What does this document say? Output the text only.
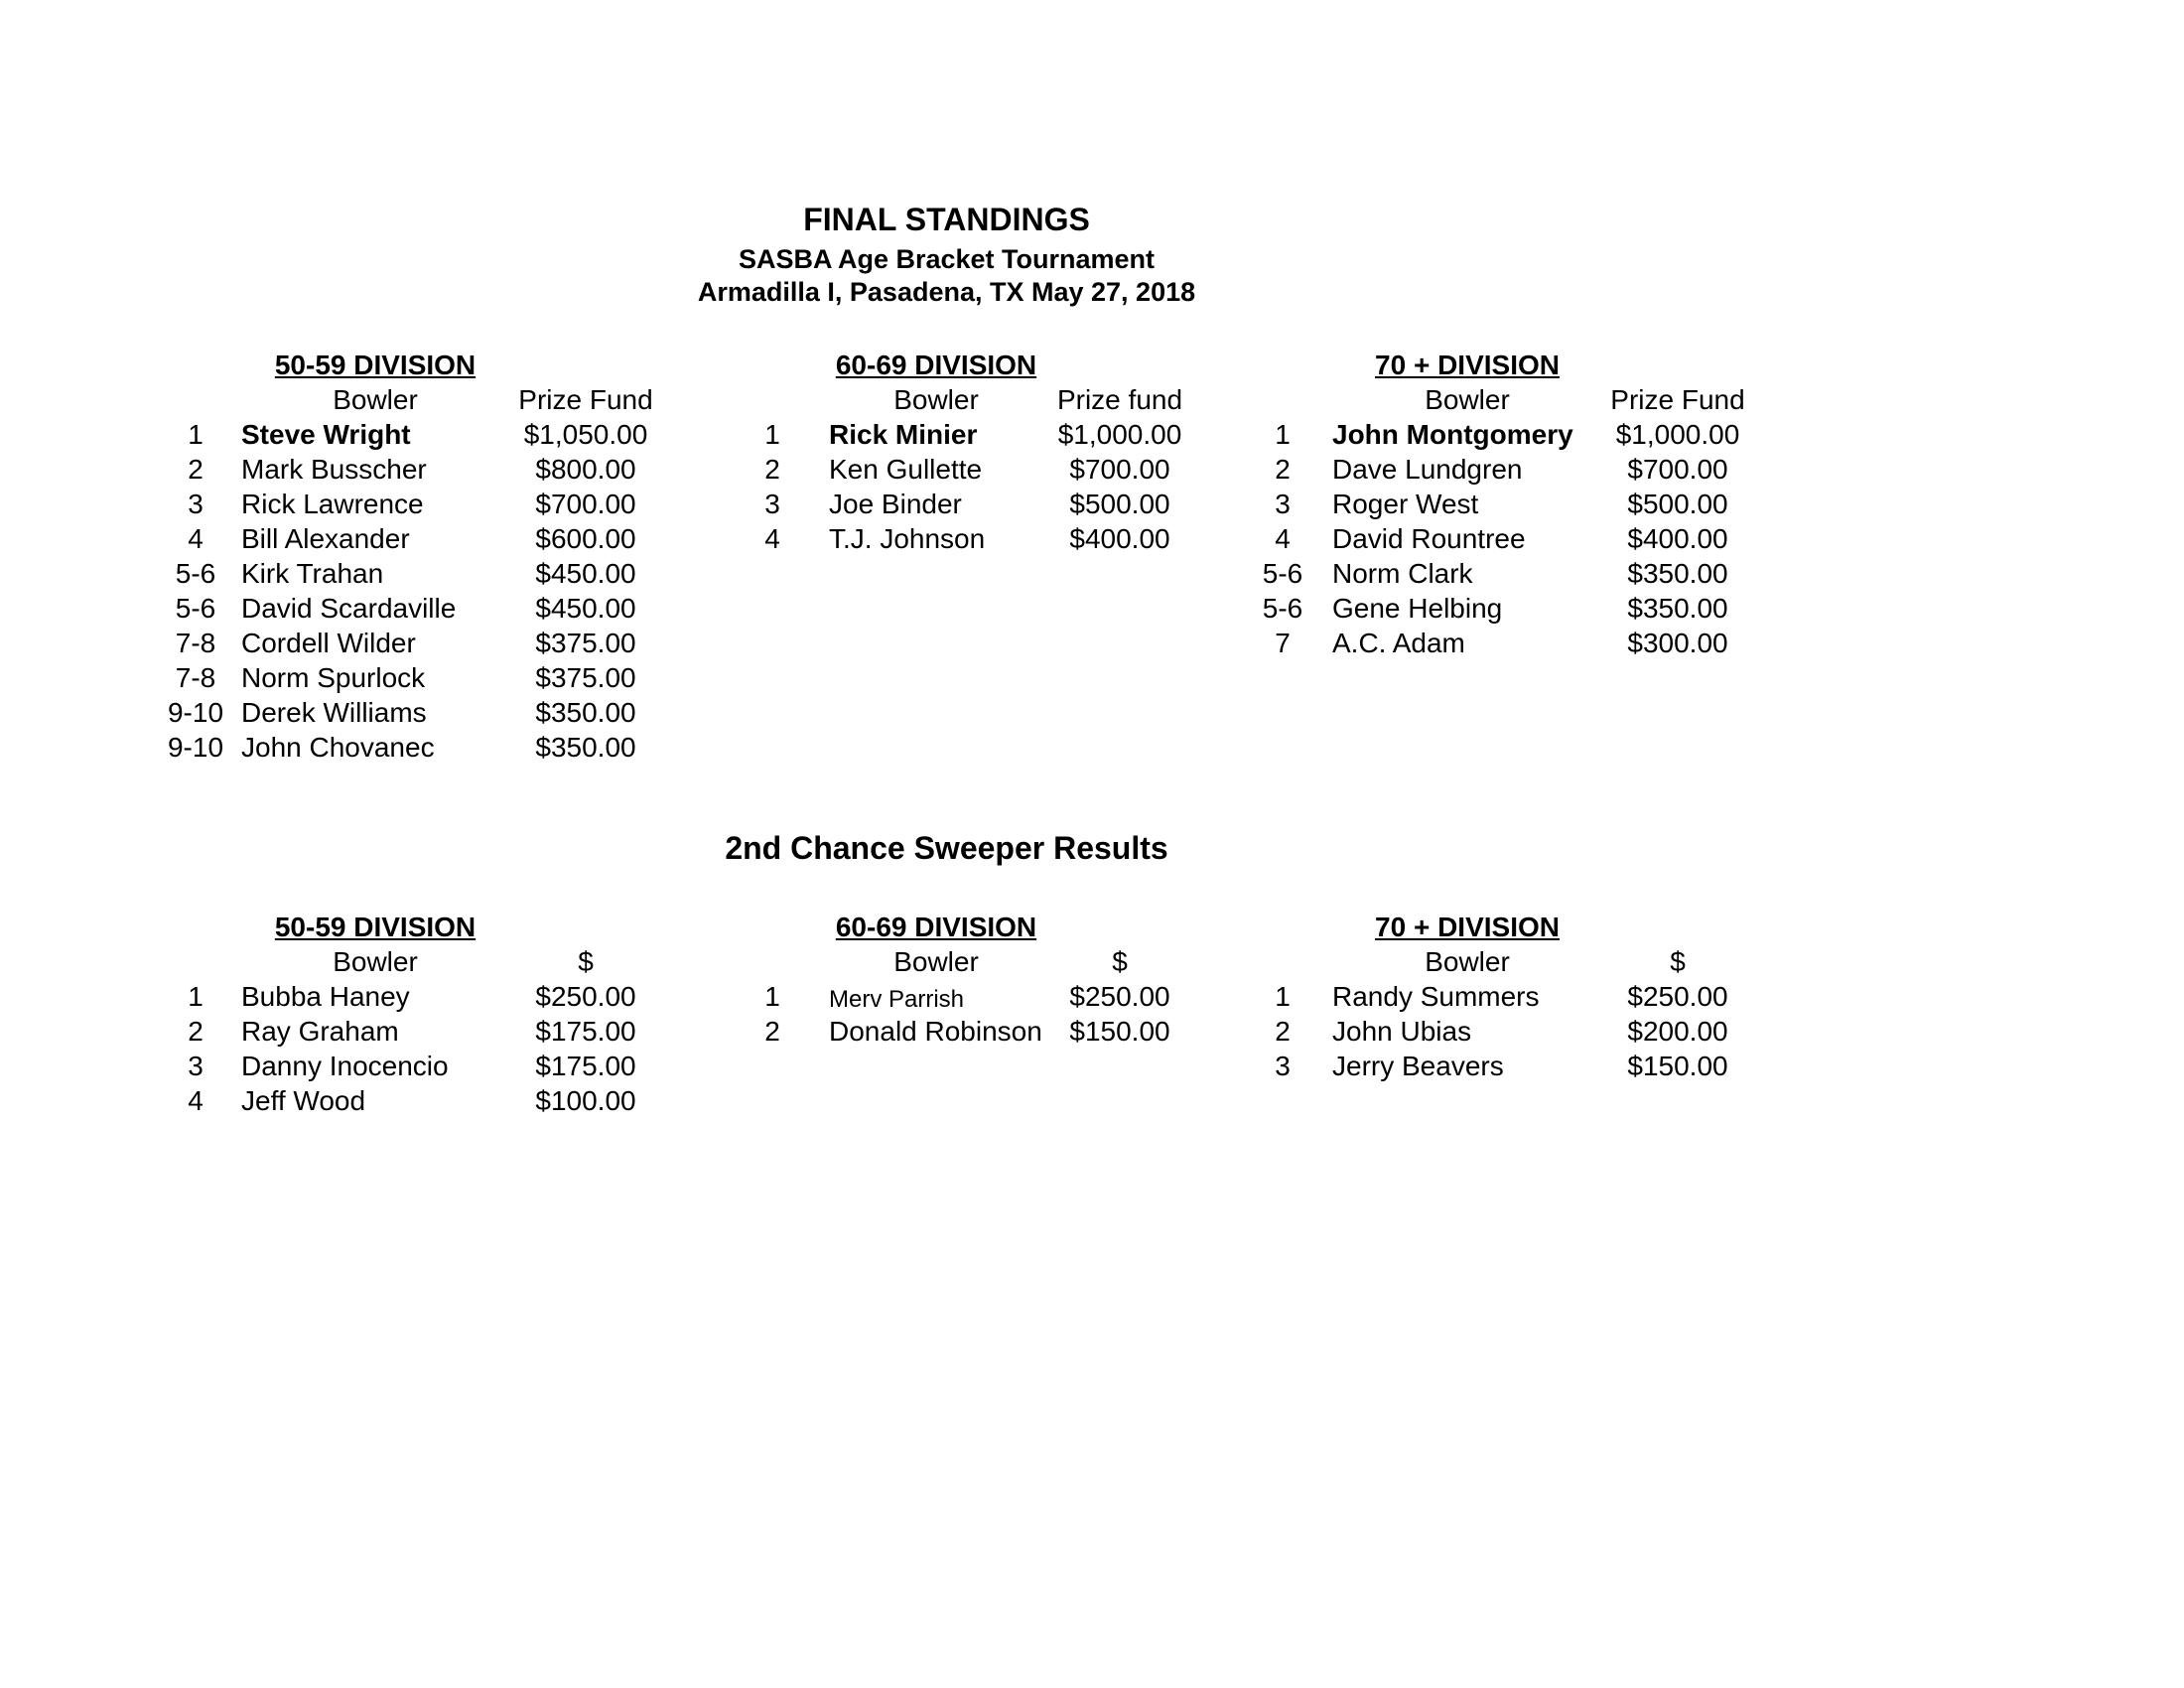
FINAL STANDINGS
SASBA Age Bracket Tournament
Armadilla I, Pasadena, TX May 27, 2018
50-59 DIVISION
Bowler	Prize Fund
1 Steve Wright	$1,050.00
2 Mark Busscher	$800.00
3 Rick Lawrence	$700.00
4 Bill Alexander	$600.00
5-6 Kirk Trahan	$450.00
5-6 David Scardaville	$450.00
7-8 Cordell Wilder	$375.00
7-8 Norm Spurlock	$375.00
9-10 Derek Williams	$350.00
9-10 John Chovanec	$350.00
60-69 DIVISION
Bowler	Prize fund
1 Rick Minier	$1,000.00
2 Ken Gullette	$700.00
3 Joe Binder	$500.00
4 T.J. Johnson	$400.00
70 + DIVISION
Bowler	Prize Fund
1 John Montgomery $1,000.00
2 Dave Lundgren	$700.00
3 Roger West	$500.00
4 David Rountree	$400.00
5-6 Norm Clark	$350.00
5-6 Gene Helbing	$350.00
7 A.C. Adam	$300.00
2nd Chance Sweeper Results
50-59 DIVISION
Bowler	$
1 Bubba Haney	$250.00
2 Ray Graham	$175.00
3 Danny Inocencio	$175.00
4 Jeff Wood	$100.00
60-69 DIVISION
Bowler	$
1 Merv Parrish	$250.00
2 Donald Robinson $150.00
70 + DIVISION
Bowler	$
1 Randy Summers	$250.00
2 John Ubias	$200.00
3 Jerry Beavers	$150.00
